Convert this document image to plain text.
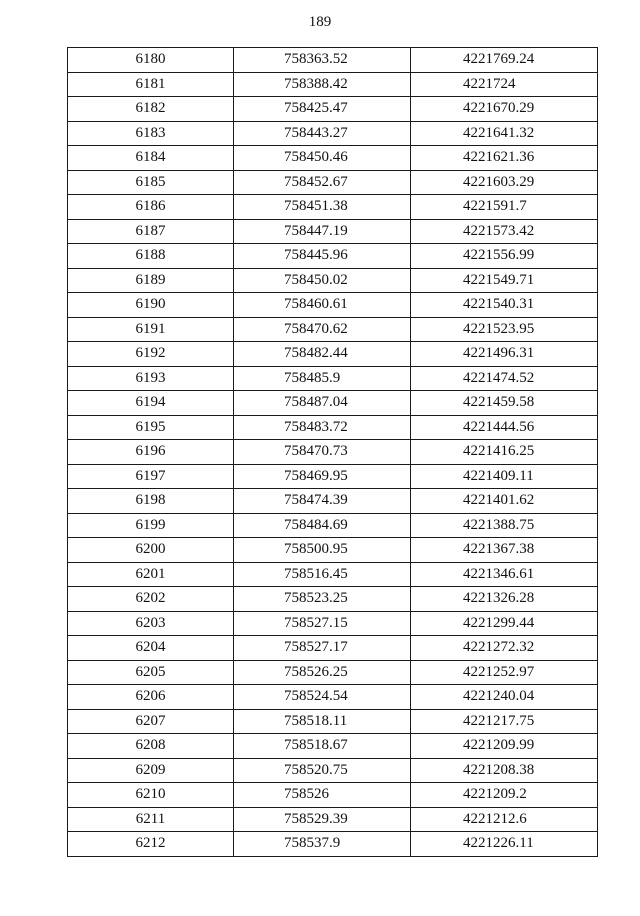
189
6180	758363.52	4221769.24
6181	758388.42	4221724
6182	758425.47	4221670.29
6183	758443.27	4221641.32
6184	758450.46	4221621.36
6185	758452.67	4221603.29
6186	758451.38	4221591.7
6187	758447.19	4221573.42
6188	758445.96	4221556.99
6189	758450.02	4221549.71
6190	758460.61	4221540.31
6191	758470.62	4221523.95
6192	758482.44	4221496.31
6193	758485.9	4221474.52
6194	758487.04	4221459.58
6195	758483.72	4221444.56
6196	758470.73	4221416.25
6197	758469.95	4221409.11
6198	758474.39	4221401.62
6199	758484.69	4221388.75
6200	758500.95	4221367.38
6201	758516.45	4221346.61
6202	758523.25	4221326.28
6203	758527.15	4221299.44
6204	758527.17	4221272.32
6205	758526.25	4221252.97
6206	758524.54	4221240.04
6207	758518.11	4221217.75
6208	758518.67	4221209.99
6209	758520.75	4221208.38
6210	758526	4221209.2
6211	758529.39	4221212.6
6212	758537.9	4221226.11
